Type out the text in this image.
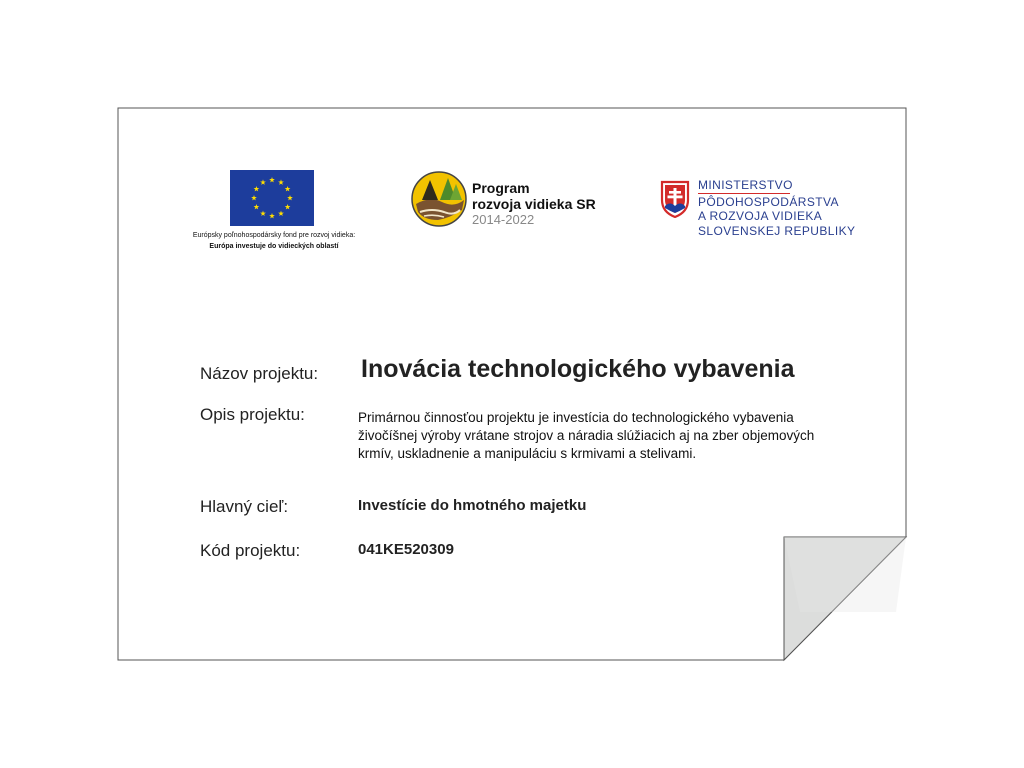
Európsky poľnohospodársky fond pre rozvoj vidieka:
Európa investuje do vidieckých oblastí
Program
rozvoja vidieka SR
2014-2022
MINISTERSTVO
PÔDOHOSPODÁRSTVA
A ROZVOJA VIDIEKA
SLOVENSKEJ REPUBLIKY
Názov projektu: Inovácia technologického vybavenia
Opis projektu:	Primárnou činnosťou projektu je investícia do technologického vybavenia
živočíšnej výroby vrátane strojov a náradia slúžiacich aj na zber objemových
krmív, uskladnenie a manipuláciu s krmivami a stelivami.
Hlavný cieľ:	Investície do hmotného majetku
Kód projektu:	041KE520309
